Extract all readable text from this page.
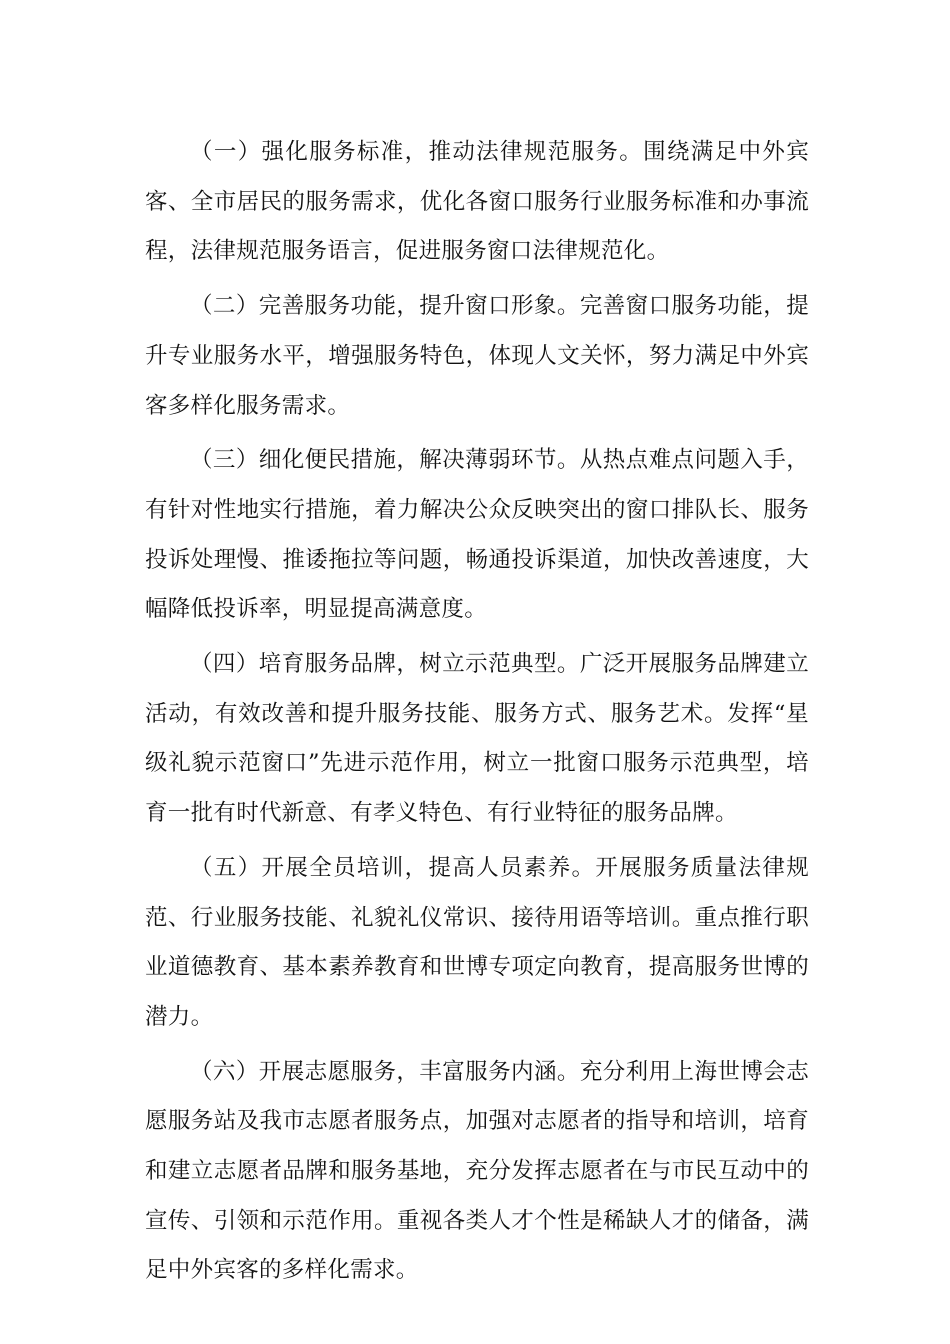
（一）强化服务标准，推动法律规范服务。围绕满足中外宾客、全市居民的服务需求，优化各窗口服务行业服务标准和办事流程，法律规范服务语言，促进服务窗口法律规范化。

（二）完善服务功能，提升窗口形象。完善窗口服务功能，提升专业服务水平，增强服务特色，体现人文关怀，努力满足中外宾客多样化服务需求。

（三）细化便民措施，解决薄弱环节。从热点难点问题入手，有针对性地实行措施，着力解决公众反映突出的窗口排队长、服务投诉处理慢、推诿拖拉等问题，畅通投诉渠道，加快改善速度，大幅降低投诉率，明显提高满意度。

（四）培育服务品牌，树立示范典型。广泛开展服务品牌建立活动，有效改善和提升服务技能、服务方式、服务艺术。发挥“星级礼貌示范窗口”先进示范作用，树立一批窗口服务示范典型，培育一批有时代新意、有孝义特色、有行业特征的服务品牌。

（五）开展全员培训，提高人员素养。开展服务质量法律规范、行业服务技能、礼貌礼仪常识、接待用语等培训。重点推行职业道德教育、基本素养教育和世博专项定向教育，提高服务世博的潜力。

（六）开展志愿服务，丰富服务内涵。充分利用上海世博会志愿服务站及我市志愿者服务点，加强对志愿者的指导和培训，培育和建立志愿者品牌和服务基地，充分发挥志愿者在与市民互动中的宣传、引领和示范作用。重视各类人才个性是稀缺人才的储备，满足中外宾客的多样化需求。
